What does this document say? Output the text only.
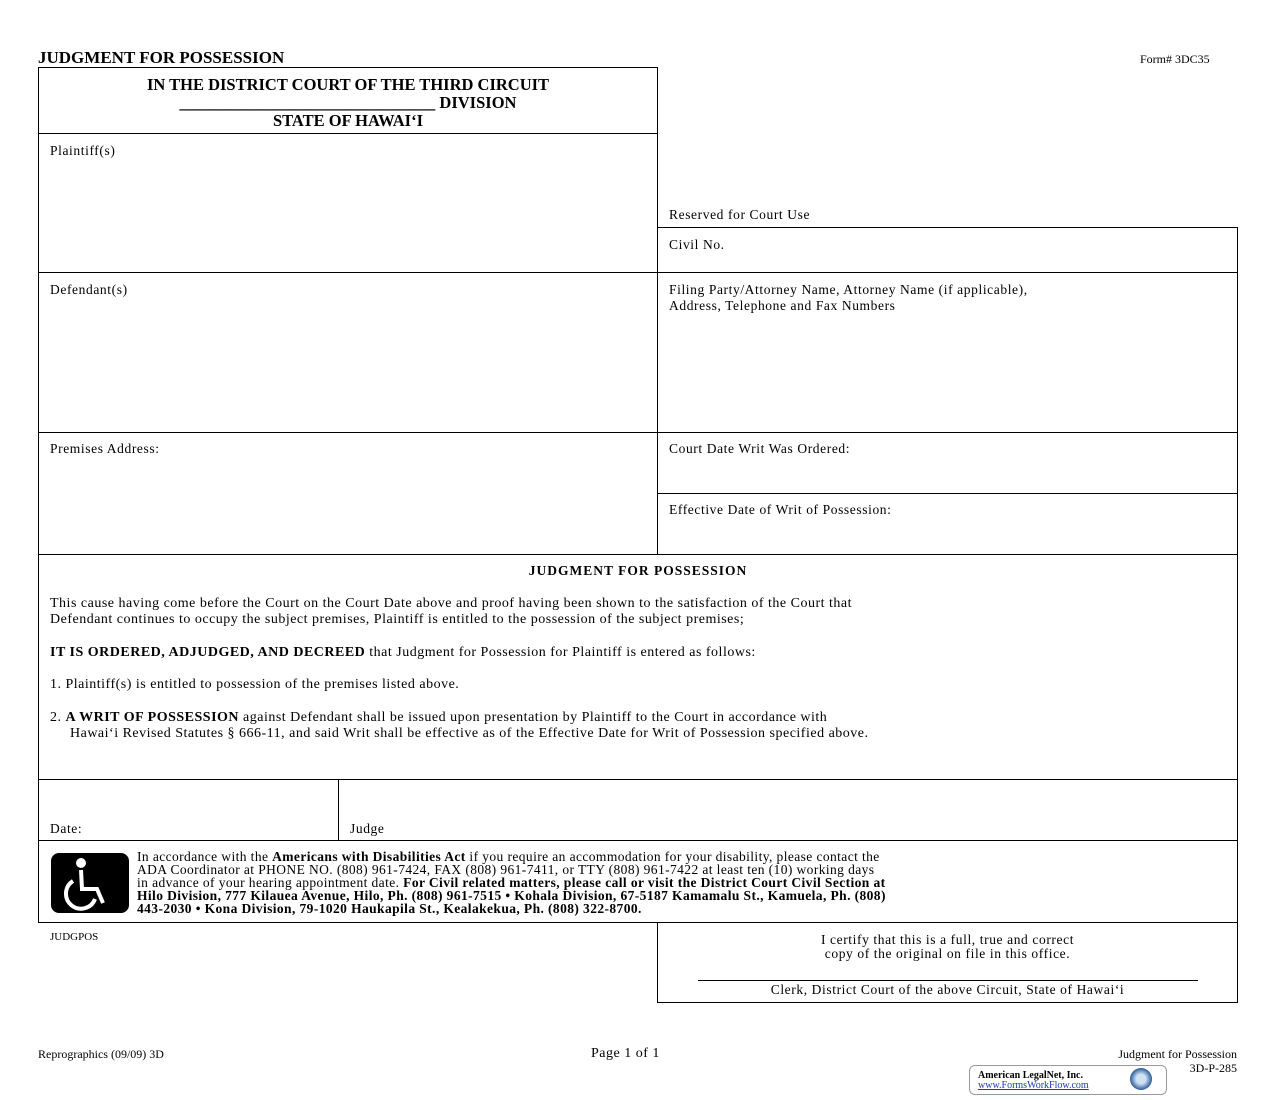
JUDGMENT FOR POSSESSION	Form# 3DC35
IN THE DISTRICT COURT OF THE THIRD CIRCUIT
_______________________________ DIVISION
STATE OF HAWAI‘I
Plaintiff(s)
Reserved for Court Use
Civil No.
Defendant(s)	Filing Party/Attorney Name, Attorney Name (if applicable),
Address, Telephone and Fax Numbers
Premises Address:	Court Date Writ Was Ordered:
Effective Date of Writ of Possession:
JUDGMENT FOR POSSESSION

This cause having come before the Court on the Court Date above and proof having been shown to the satisfaction of the Court that

Defendant continues to occupy the subject premises, Plaintiff is entitled to the possession of the subject premises;

IT IS ORDERED, ADJUDGED, AND DECREED that Judgment for Possession for Plaintiff is entered as follows:
1. Plaintiff(s) is entitled to possession of the premises listed above.
2. A WRIT OF POSSESSION against Defendant shall be issued upon presentation by Plaintiff to the Court in accordance with

Hawai‘i Revised Statutes § 666-11, and said Writ shall be effective as of the Effective Date for Writ of Possession specified above.

Date:	Judge
In accordance with the Americans with Disabilities Act if you require an accommodation for your disability, please contact the
ADA Coordinator at PHONE NO. (808) 961-7424, FAX (808) 961-7411, or TTY (808) 961-7422 at least ten (10) working days
in advance of your hearing appointment date. For Civil related matters, please call or visit the District Court Civil Section at
Hilo Division, 777 Kilauea Avenue, Hilo, Ph. (808) 961-7515 • Kohala Division, 67-5187 Kamamalu St., Kamuela, Ph. (808)
443-2030 • Kona Division, 79-1020 Haukapila St., Kealakekua, Ph. (808) 322-8700.
JUDGPOS	I certify that this is a full, true and correct
copy of the original on file in this office.
Clerk, District Court of the above Circuit, State of Hawai‘i
Reprographics (09/09) 3D	Page 1 of 1	Judgment for Possession
3D-P-285
American LegalNet, Inc.
www.FormsWorkFlow.com
